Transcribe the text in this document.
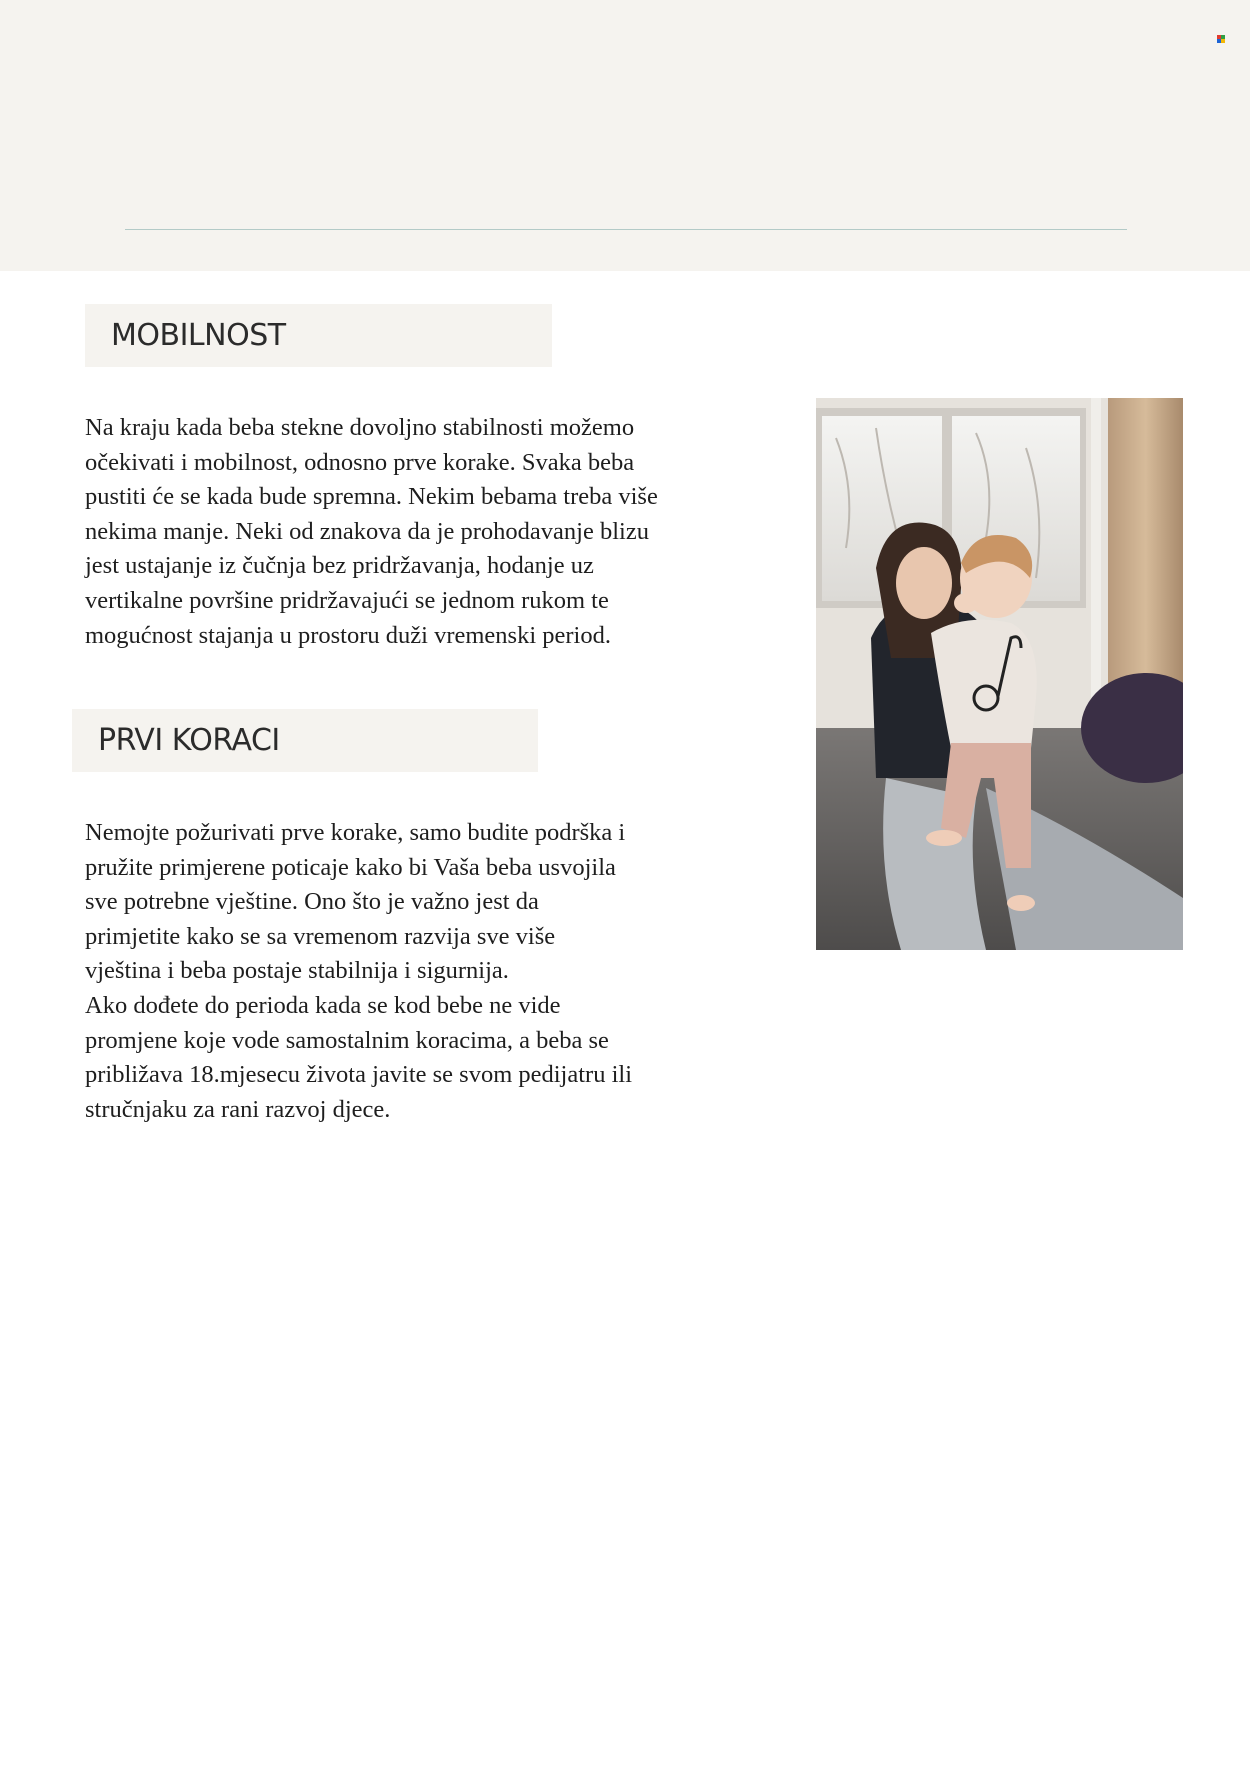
MOBILNOST

Na kraju kada beba stekne dovoljno stabilnosti možemo
očekivati i mobilnost, odnosno prve korake. Svaka beba
pustiti će se kada bude spremna. Nekim bebama treba više
nekima manje. Neki od znakova da je prohodavanje blizu
jest ustajanje iz čučnja bez pridržavanja, hodanje uz
vertikalne površine pridržavajući se jednom rukom te
mogućnost stajanja u prostoru duži vremenski period.

PRVI KORACI

Nemojte požurivati prve korake, samo budite podrška i
pružite primjerene poticaje kako bi Vaša beba usvojila
sve potrebne vještine. Ono što je važno jest da
primjetite kako se sa vremenom razvija sve više
vještina i beba postaje stabilnija i sigurnija.
Ako dođete do perioda kada se kod bebe ne vide
promjene koje vode samostalnim koracima, a beba se
približava 18.mjesecu života javite se svom pedijatru ili
stručnjaku za rani razvoj djece.
